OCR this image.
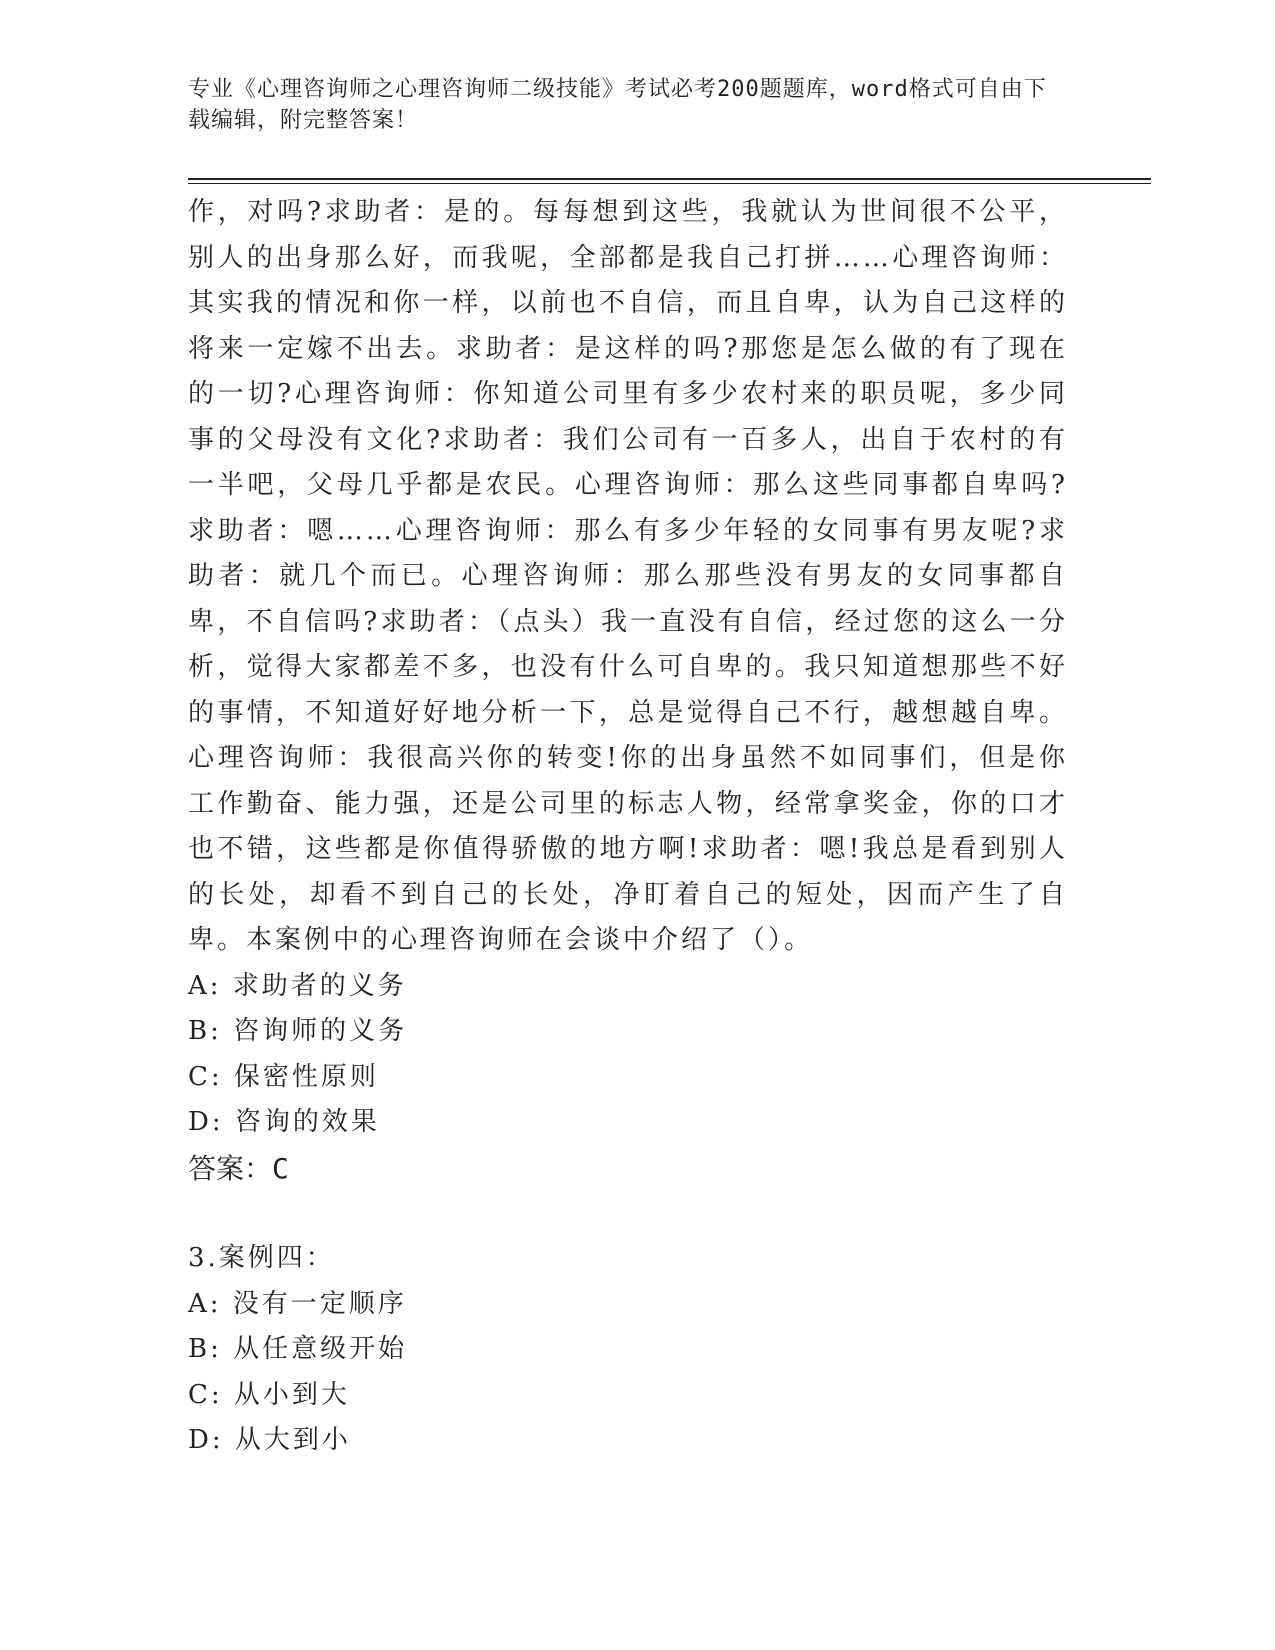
专业《心理咨询师之心理咨询师二级技能》考试必考200题题库，word格式可自由下载编辑，附完整答案！

作，对吗?求助者：是的。每每想到这些，我就认为世间很不公平，别人的出身那么好，而我呢，全部都是我自己打拼……心理咨询师：其实我的情况和你一样，以前也不自信，而且自卑，认为自己这样的将来一定嫁不出去。求助者：是这样的吗?那您是怎么做的有了现在的一切?心理咨询师：你知道公司里有多少农村来的职员呢，多少同事的父母没有文化?求助者：我们公司有一百多人，出自于农村的有一半吧，父母几乎都是农民。心理咨询师：那么这些同事都自卑吗?求助者：嗯……心理咨询师：那么有多少年轻的女同事有男友呢?求助者：就几个而已。心理咨询师：那么那些没有男友的女同事都自卑，不自信吗?求助者：（点头）我一直没有自信，经过您的这么一分析，觉得大家都差不多，也没有什么可自卑的。我只知道想那些不好的事情，不知道好好地分析一下，总是觉得自己不行，越想越自卑。心理咨询师：我很高兴你的转变!你的出身虽然不如同事们，但是你工作勤奋、能力强，还是公司里的标志人物，经常拿奖金，你的口才也不错，这些都是你值得骄傲的地方啊!求助者：嗯!我总是看到别人的长处，却看不到自己的长处，净盯着自己的短处，因而产生了自卑。本案例中的心理咨询师在会谈中介绍了（）。

A: 求助者的义务

B: 咨询师的义务

C: 保密性原则

D: 咨询的效果

答案：C

3.案例四：

A: 没有一定顺序

B: 从任意级开始

C: 从小到大

D: 从大到小
